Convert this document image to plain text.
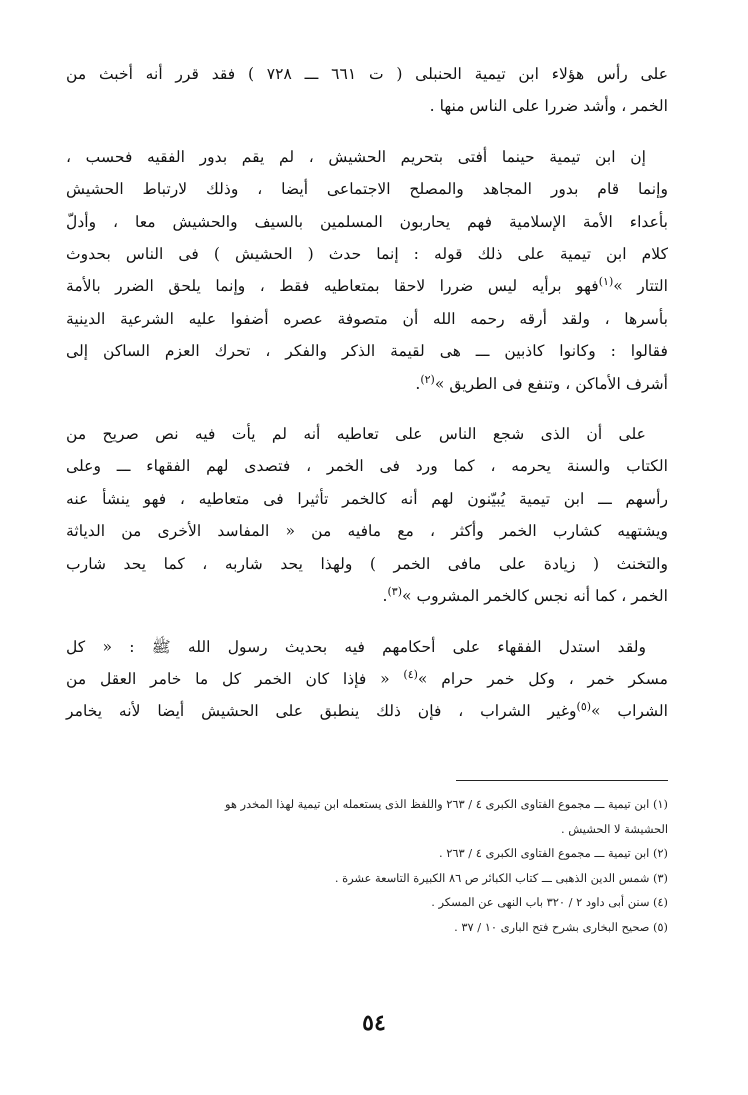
على رأس هؤلاء ابن تيمية الحنبلى ( ت ٦٦١ ـــ ٧٢٨ ) فقد قرر أنه أخبث من
الخمر ، وأشد ضررا على الناس منها .

إن ابن تيمية حينما أفتى بتحريم الحشيش ، لم يقم بدور الفقيه فحسب ،
وإنما قام بدور المجاهد والمصلح الاجتماعى أيضا ، وذلك لارتباط الحشيش
بأعداء الأمة الإسلامية فهم يحاربون المسلمين بالسيف والحشيش معا ، وأدلّ
كلام ابن تيمية على ذلك قوله : إنما حدث ( الحشيش ) فى الناس بحدوث
التتار »$^{(١)}$فهو برأيه ليس ضررا لاحقا بمتعاطيه فقط ، وإنما يلحق الضرر بالأمة
بأسرها ، ولقد أرقه رحمه الله أن متصوفة عصره أضفوا عليه الشرعية الدينية
فقالوا : وكانوا كاذبين ـــ هى لقيمة الذكر والفكر ، تحرك العزم الساكن إلى
أشرف الأماكن ، وتنفع فى الطريق »$^{(٢)}$.

على أن الذى شجع الناس على تعاطيه أنه لم يأت فيه نص صريح من
الكتاب والسنة يحرمه ، كما ورد فى الخمر ، فتصدى لهم الفقهاء ـــ وعلى
رأسهم ـــ ابن تيمية يُبيّنون لهم أنه كالخمر تأثيرا فى متعاطيه ، فهو ينشأ عنه
ويشتهيه كشارب الخمر وأكثر ، مع مافيه من « المفاسد الأخرى من الدياثة
والتخنث ( زيادة على مافى الخمر ) ولهذا يحد شاربه ، كما يحد شارب
الخمر ، كما أنه نجس كالخمر المشروب »$^{(٣)}$.

ولقد استدل الفقهاء على أحكامهم فيه بحديث رسول الله ﷺ : « كل
مسكر خمر ، وكل خمر حرام »$^{(٤)}$ « فإذا كان الخمر كل ما خامر العقل من
الشراب »$^{(٥)}$وغير الشراب ، فإن ذلك ينطبق على الحشيش أيضا لأنه يخامر

(١) ابن تيمية ـــ مجموع الفتاوى الكبرى ٤ / ٢٦٣ واللفظ الذى يستعمله ابن تيمية لهذا المخدر هو
الحشيشة لا الحشيش .
(٢) ابن تيمية ـــ مجموع الفتاوى الكبرى ٤ / ٢٦٣ .
(٣) شمس الدين الذهبى ـــ كتاب الكبائر ص ٨٦ الكبيرة التاسعة عشرة .
(٤) سنن أبى داود ٢ / ٣٢٠ باب النهى عن المسكر .
(٥) صحيح البخارى بشرح فتح البارى ١٠ / ٣٧ .
٥٤
